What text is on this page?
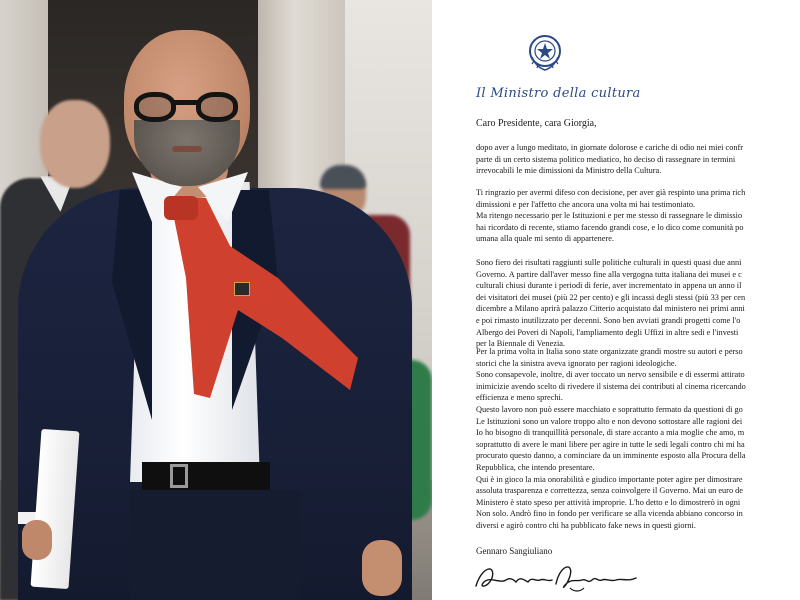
Il Ministro della cultura
Caro Presidente, cara Giorgia,
dopo aver a lungo meditato, in giornate dolorose e cariche di odio nei miei confr
parte di un certo sistema politico mediatico, ho deciso di rassegnare in termini
irrevocabili le mie dimissioni da Ministro della Cultura.
Ti ringrazio per avermi difeso con decisione, per aver già respinto una prima rich
dimissioni e per l'affetto che ancora una volta mi hai testimoniato.
Ma ritengo necessario per le Istituzioni e per me stesso di rassegnare le dimissio
hai ricordato di recente, stiamo facendo grandi cose, e lo dico come comunità po
umana alla quale mi sento di appartenere.
Sono fiero dei risultati raggiunti sulle politiche culturali in questi quasi due anni
Governo. A partire dall'aver messo fine alla vergogna tutta italiana dei musei e c
culturali chiusi durante i periodi di ferie, aver incrementato in appena un anno il
dei visitatori dei musei (più 22 per cento) e gli incassi degli stessi (più 33 per cen
dicembre a Milano aprirà palazzo Citterio acquistato dal ministero nei primi anni
e poi rimasto inutilizzato per decenni. Sono ben avviati grandi progetti come l'o
Albergo dei Poveri di Napoli, l'ampliamento degli Uffizi in altre sedi e l'investi
per la Biennale di Venezia.
Per la prima volta in Italia sono state organizzate grandi mostre su autori e perso
storici che la sinistra aveva ignorato per ragioni ideologiche.
Sono consapevole, inoltre, di aver toccato un nervo sensibile e di essermi attirato
inimicizie avendo scelto di rivedere il sistema dei contributi al cinema ricercando
efficienza e meno sprechi.
Questo lavoro non può essere macchiato e soprattutto fermato da questioni di go
Le Istituzioni sono un valore troppo alto e non devono sottostare alle ragioni dei
Io ho bisogno di tranquillità personale, di stare accanto a mia moglie che amo, m
soprattutto di avere le mani libere per agire in tutte le sedi legali contro chi mi ha
procurato questo danno, a cominciare da un imminente esposto alla Procura della
Repubblica, che intendo presentare.
Qui è in gioco la mia onorabilità e giudico importante poter agire per dimostrare
assoluta trasparenza e correttezza, senza coinvolgere il Governo. Mai un euro de
Ministero è stato speso per attività improprie. L'ho detto e lo dimostrerò in ogni
Non solo. Andrò fino in fondo per verificare se alla vicenda abbiano concorso in
diversi e agirò contro chi ha pubblicato fake news in questi giorni.
Gennaro Sangiuliano
